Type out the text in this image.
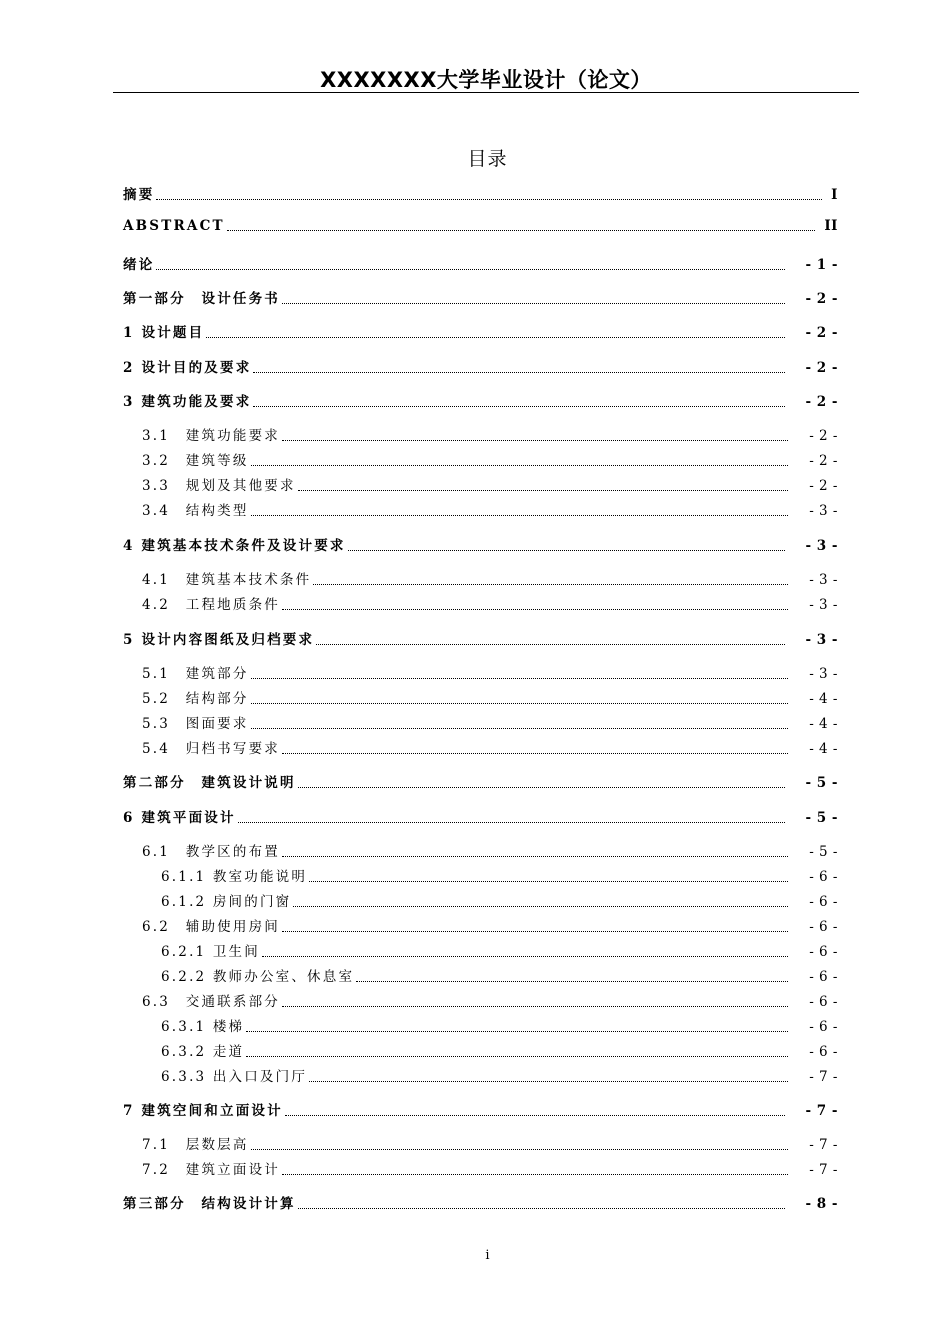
XXXXXXX大学毕业设计（论文）
目录
摘要	I
ABSTRACT	II
绪论	- 1 -
第一部分　设计任务书	- 2 -
1 设计题目	- 2 -
2 设计目的及要求	- 2 -
3 建筑功能及要求	- 2 -
3.1　建筑功能要求	- 2 -
3.2　建筑等级	- 2 -
3.3　规划及其他要求	- 2 -
3.4　结构类型	- 3 -
4 建筑基本技术条件及设计要求	- 3 -
4.1　建筑基本技术条件	- 3 -
4.2　工程地质条件	- 3 -
5 设计内容图纸及归档要求	- 3 -
5.1　建筑部分	- 3 -
5.2　结构部分	- 4 -
5.3　图面要求	- 4 -
5.4　归档书写要求	- 4 -
第二部分　建筑设计说明	- 5 -
6 建筑平面设计	- 5 -
6.1　教学区的布置	- 5 -
6.1.1 教室功能说明	- 6 -
6.1.2 房间的门窗	- 6 -
6.2　辅助使用房间	- 6 -
6.2.1 卫生间	- 6 -
6.2.2 教师办公室、休息室	- 6 -
6.3　交通联系部分	- 6 -
6.3.1 楼梯	- 6 -
6.3.2 走道	- 6 -
6.3.3 出入口及门厅	- 7 -
7 建筑空间和立面设计	- 7 -
7.1　层数层高	- 7 -
7.2　建筑立面设计	- 7 -
第三部分　结构设计计算	- 8 -
i
